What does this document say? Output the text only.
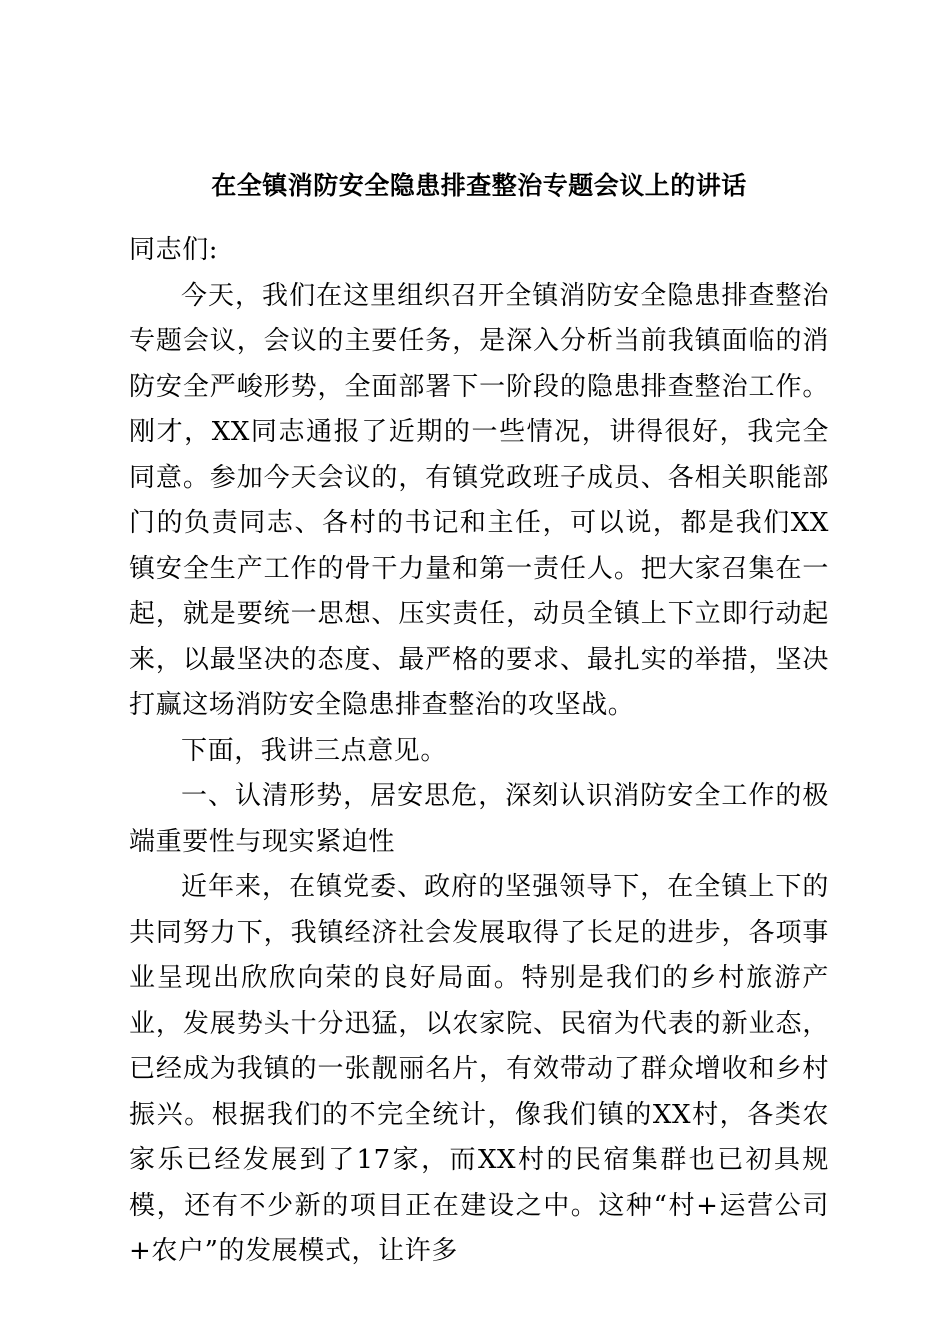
在全镇消防安全隐患排查整治专题会议上的讲话

同志们:

今天，我们在这里组织召开全镇消防安全隐患排查整治专题会议，会议的主要任务，是深入分析当前我镇面临的消防安全严峻形势，全面部署下一阶段的隐患排查整治工作。刚才，XX同志通报了近期的一些情况，讲得很好，我完全同意。参加今天会议的，有镇党政班子成员、各相关职能部门的负责同志、各村的书记和主任，可以说，都是我们XX镇安全生产工作的骨干力量和第一责任人。把大家召集在一起，就是要统一思想、压实责任，动员全镇上下立即行动起来，以最坚决的态度、最严格的要求、最扎实的举措，坚决打赢这场消防安全隐患排查整治的攻坚战。

下面，我讲三点意见。

一、认清形势，居安思危，深刻认识消防安全工作的极端重要性与现实紧迫性

近年来，在镇党委、政府的坚强领导下，在全镇上下的共同努力下，我镇经济社会发展取得了长足的进步，各项事业呈现出欣欣向荣的良好局面。特别是我们的乡村旅游产业，发展势头十分迅猛，以农家院、民宿为代表的新业态，已经成为我镇的一张靓丽名片，有效带动了群众增收和乡村振兴。根据我们的不完全统计，像我们镇的XX村，各类农家乐已经发展到了17家，而XX村的民宿集群也已初具规模，还有不少新的项目正在建设之中。这种“村+运营公司+农户”的发展模式，让许多
